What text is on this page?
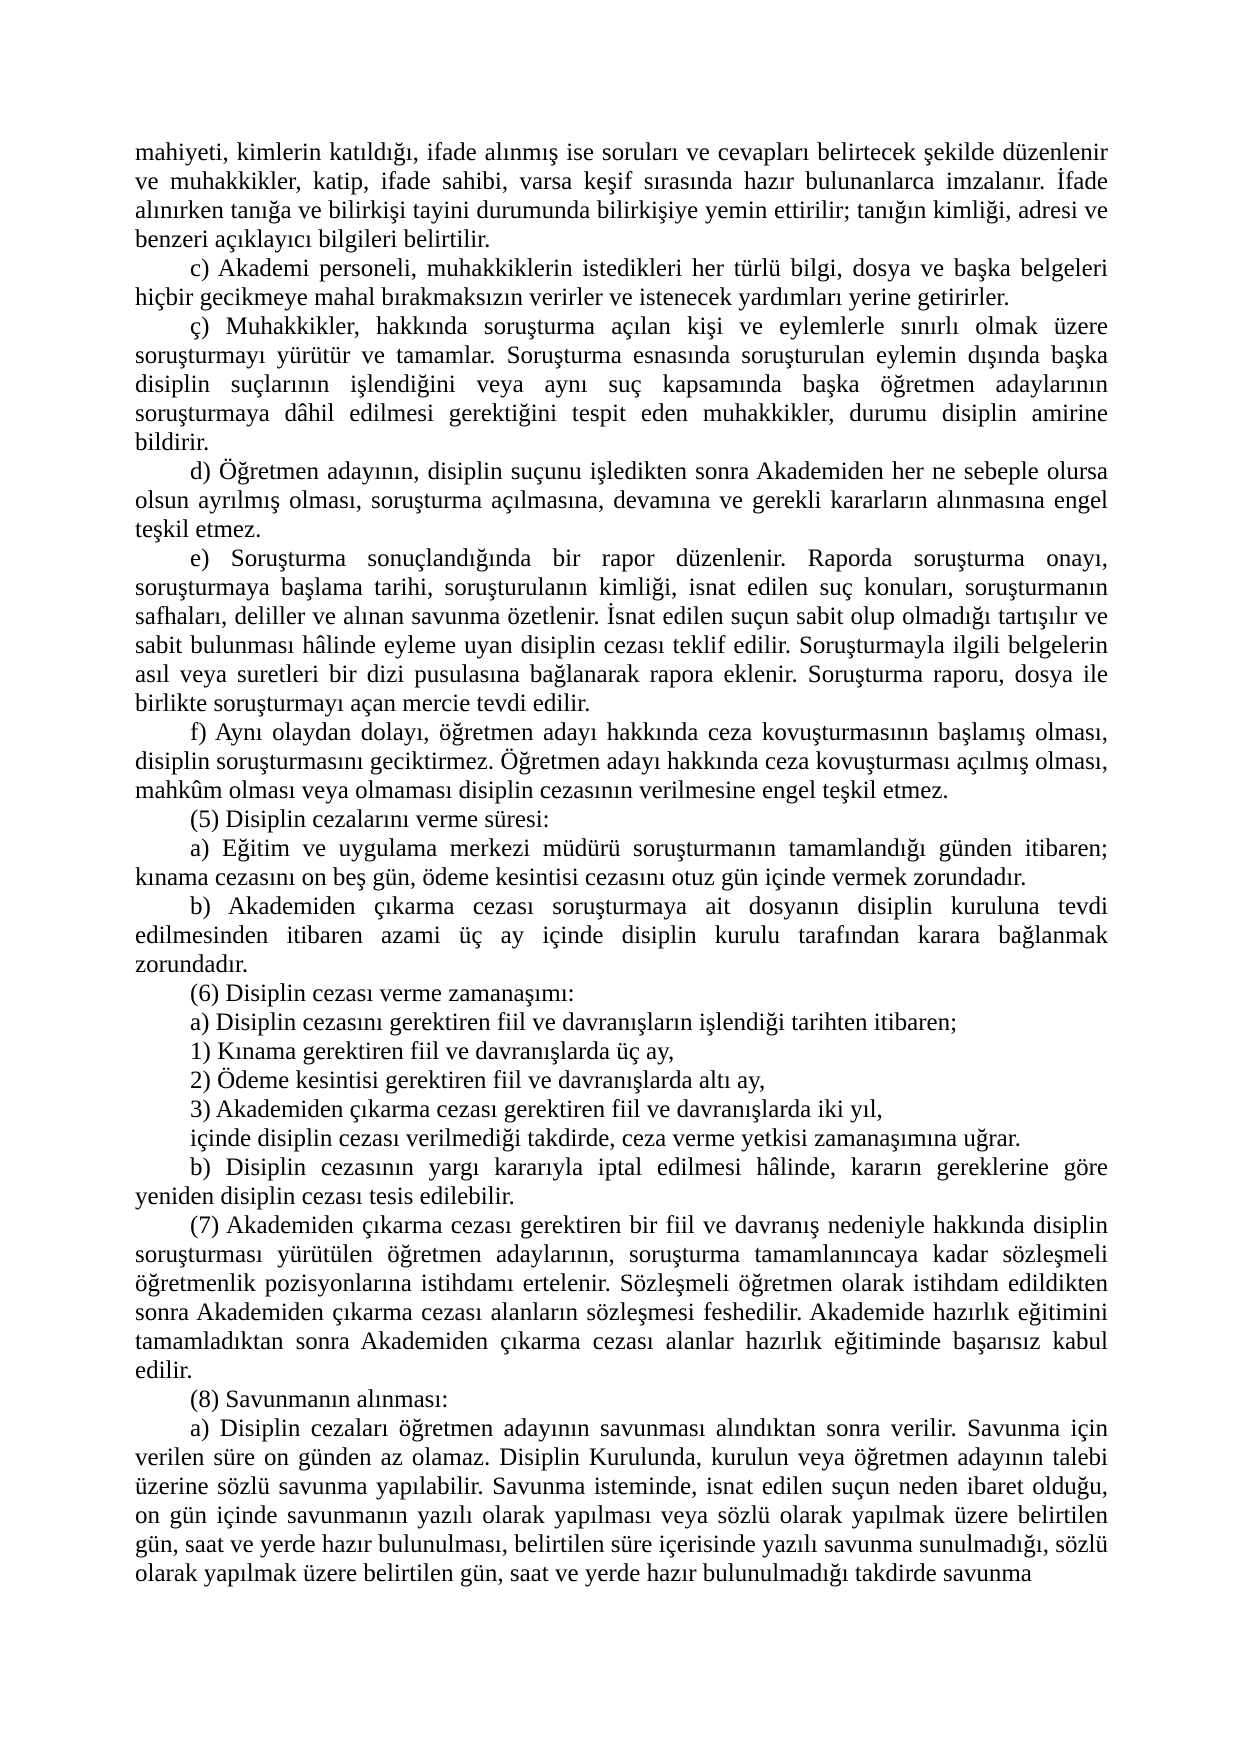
mahiyeti, kimlerin katıldığı, ifade alınmış ise soruları ve cevapları belirtecek şekilde düzenlenir ve muhakkikler, katip, ifade sahibi, varsa keşif sırasında hazır bulunanlarca imzalanır. İfade alınırken tanığa ve bilirkişi tayini durumunda bilirkişiye yemin ettirilir; tanığın kimliği, adresi ve benzeri açıklayıcı bilgileri belirtilir.

c) Akademi personeli, muhakkiklerin istedikleri her türlü bilgi, dosya ve başka belgeleri hiçbir gecikmeye mahal bırakmaksızın verirler ve istenecek yardımları yerine getirirler.

ç) Muhakkikler, hakkında soruşturma açılan kişi ve eylemlerle sınırlı olmak üzere soruşturmayı yürütür ve tamamlar. Soruşturma esnasında soruşturulan eylemin dışında başka disiplin suçlarının işlendiğini veya aynı suç kapsamında başka öğretmen adaylarının soruşturmaya dâhil edilmesi gerektiğini tespit eden muhakkikler, durumu disiplin amirine bildirir.

d) Öğretmen adayının, disiplin suçunu işledikten sonra Akademiden her ne sebeple olursa olsun ayrılmış olması, soruşturma açılmasına, devamına ve gerekli kararların alınmasına engel teşkil etmez.

e) Soruşturma sonuçlandığında bir rapor düzenlenir. Raporda soruşturma onayı, soruşturmaya başlama tarihi, soruşturulanın kimliği, isnat edilen suç konuları, soruşturmanın safhaları, deliller ve alınan savunma özetlenir. İsnat edilen suçun sabit olup olmadığı tartışılır ve sabit bulunması hâlinde eyleme uyan disiplin cezası teklif edilir. Soruşturmayla ilgili belgelerin asıl veya suretleri bir dizi pusulasına bağlanarak rapora eklenir. Soruşturma raporu, dosya ile birlikte soruşturmayı açan mercie tevdi edilir.

f) Aynı olaydan dolayı, öğretmen adayı hakkında ceza kovuşturmasının başlamış olması, disiplin soruşturmasını geciktirmez. Öğretmen adayı hakkında ceza kovuşturması açılmış olması, mahkûm olması veya olmaması disiplin cezasının verilmesine engel teşkil etmez.

(5) Disiplin cezalarını verme süresi:

a) Eğitim ve uygulama merkezi müdürü soruşturmanın tamamlandığı günden itibaren; kınama cezasını on beş gün, ödeme kesintisi cezasını otuz gün içinde vermek zorundadır.

b) Akademiden çıkarma cezası soruşturmaya ait dosyanın disiplin kuruluna tevdi edilmesinden itibaren azami üç ay içinde disiplin kurulu tarafından karara bağlanmak zorundadır.

(6) Disiplin cezası verme zamanaşımı:

a) Disiplin cezasını gerektiren fiil ve davranışların işlendiği tarihten itibaren;

1) Kınama gerektiren fiil ve davranışlarda üç ay,

2) Ödeme kesintisi gerektiren fiil ve davranışlarda altı ay,

3) Akademiden çıkarma cezası gerektiren fiil ve davranışlarda iki yıl,

içinde disiplin cezası verilmediği takdirde, ceza verme yetkisi zamanaşımına uğrar.

b) Disiplin cezasının yargı kararıyla iptal edilmesi hâlinde, kararın gereklerine göre yeniden disiplin cezası tesis edilebilir.

(7) Akademiden çıkarma cezası gerektiren bir fiil ve davranış nedeniyle hakkında disiplin soruşturması yürütülen öğretmen adaylarının, soruşturma tamamlanıncaya kadar sözleşmeli öğretmenlik pozisyonlarına istihdamı ertelenir. Sözleşmeli öğretmen olarak istihdam edildikten sonra Akademiden çıkarma cezası alanların sözleşmesi feshedilir. Akademide hazırlık eğitimini tamamladıktan sonra Akademiden çıkarma cezası alanlar hazırlık eğitiminde başarısız kabul edilir.

(8) Savunmanın alınması:

a) Disiplin cezaları öğretmen adayının savunması alındıktan sonra verilir. Savunma için verilen süre on günden az olamaz. Disiplin Kurulunda, kurulun veya öğretmen adayının talebi üzerine sözlü savunma yapılabilir. Savunma isteminde, isnat edilen suçun neden ibaret olduğu, on gün içinde savunmanın yazılı olarak yapılması veya sözlü olarak yapılmak üzere belirtilen gün, saat ve yerde hazır bulunulması, belirtilen süre içerisinde yazılı savunma sunulmadığı, sözlü olarak yapılmak üzere belirtilen gün, saat ve yerde hazır bulunulmadığı takdirde savunma
